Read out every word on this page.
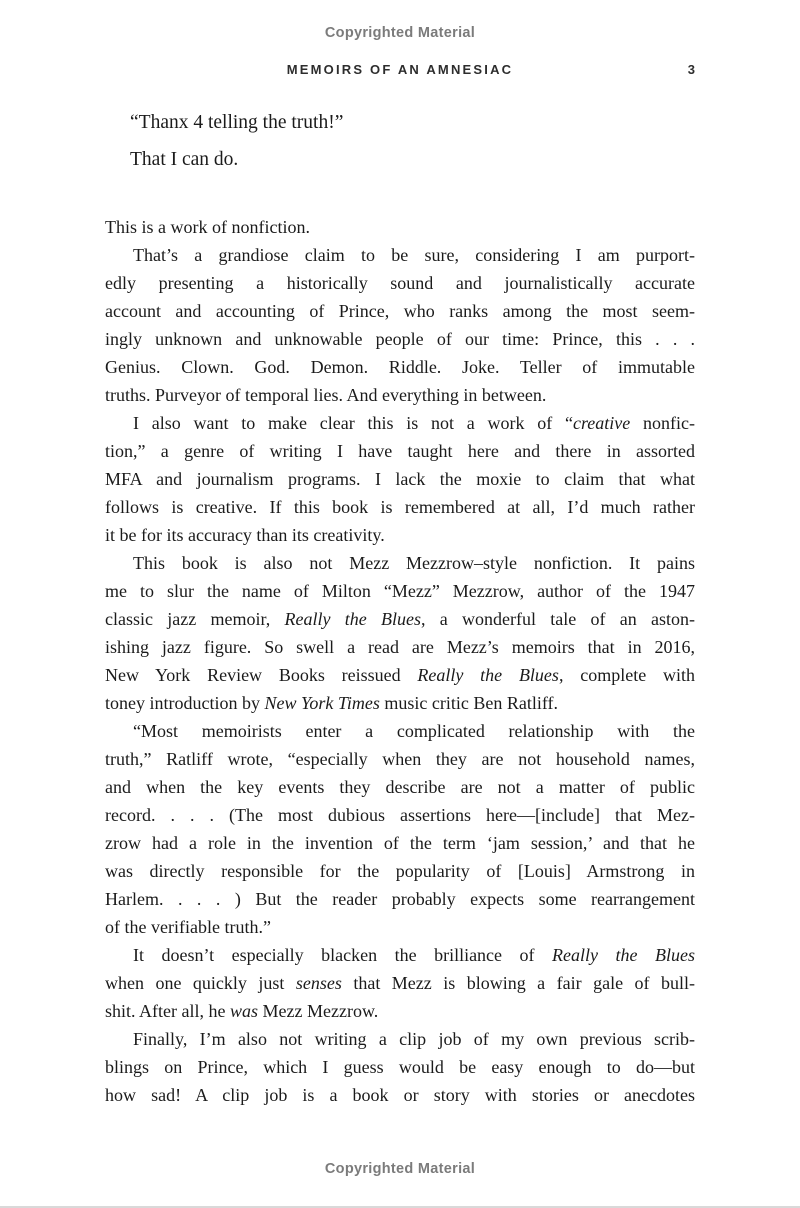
Copyrighted Material
MEMOIRS OF AN AMNESIAC	3
“Thanx 4 telling the truth!”
That I can do.
This is a work of nonfiction.
That’s a grandiose claim to be sure, considering I am purport-
edly presenting a historically sound and journalistically accurate
account and accounting of Prince, who ranks among the most seem-
ingly unknown and unknowable people of our time: Prince, this . . .
Genius. Clown. God. Demon. Riddle. Joke. Teller of immutable
truths. Purveyor of temporal lies. And everything in between.
I also want to make clear this is not a work of “creative nonfic-
tion,” a genre of writing I have taught here and there in assorted
MFA and journalism programs. I lack the moxie to claim that what
follows is creative. If this book is remembered at all, I’d much rather
it be for its accuracy than its creativity.
This book is also not Mezz Mezzrow–style nonfiction. It pains
me to slur the name of Milton “Mezz” Mezzrow, author of the 1947
classic jazz memoir, Really the Blues, a wonderful tale of an aston-
ishing jazz figure. So swell a read are Mezz’s memoirs that in 2016,
New York Review Books reissued Really the Blues, complete with
toney introduction by New York Times music critic Ben Ratliff.
“Most memoirists enter a complicated relationship with the
truth,” Ratliff wrote, “especially when they are not household names,
and when the key events they describe are not a matter of public
record. . . . (The most dubious assertions here—[include] that Mez-
zrow had a role in the invention of the term ‘jam session,’ and that he
was directly responsible for the popularity of [Louis] Armstrong in
Harlem. . . . ) But the reader probably expects some rearrangement
of the verifiable truth.”
It doesn’t especially blacken the brilliance of Really the Blues
when one quickly just senses that Mezz is blowing a fair gale of bull-
shit. After all, he was Mezz Mezzrow.
Finally, I’m also not writing a clip job of my own previous scrib-
blings on Prince, which I guess would be easy enough to do—but
how sad! A clip job is a book or story with stories or anecdotes
Copyrighted Material
